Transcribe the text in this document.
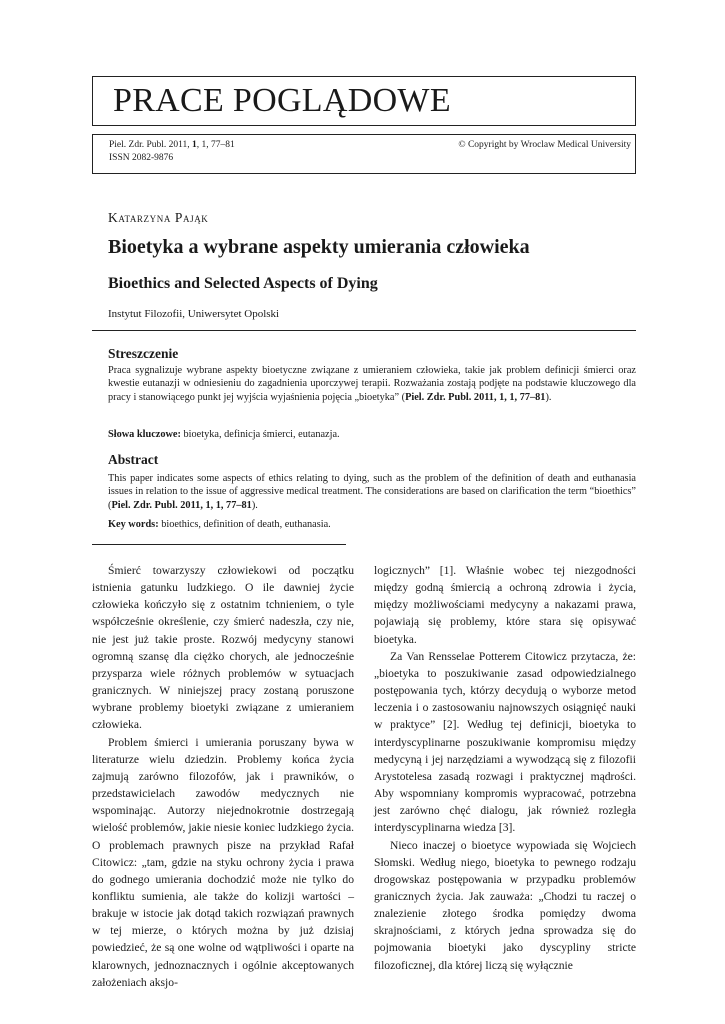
PRACE POGLĄDOWE
Piel. Zdr. Publ. 2011, 1, 1, 77–81
ISSN 2082-9876
© Copyright by Wroclaw Medical University
Katarzyna Pająk
Bioetyka a wybrane aspekty umierania człowieka
Bioethics and Selected Aspects of Dying
Instytut Filozofii, Uniwersytet Opolski
Streszczenie
Praca sygnalizuje wybrane aspekty bioetyczne związane z umieraniem człowieka, takie jak problem definicji śmierci oraz kwestie eutanazji w odniesieniu do zagadnienia uporczywej terapii. Rozważania zostają podjęte na podstawie kluczowego dla pracy i stanowiącego punkt jej wyjścia wyjaśnienia pojęcia „bioetyka” (Piel. Zdr. Publ. 2011, 1, 1, 77–81).
Słowa kluczowe: bioetyka, definicja śmierci, eutanazja.
Abstract
This paper indicates some aspects of ethics relating to dying, such as the problem of the definition of death and euthanasia issues in relation to the issue of aggressive medical treatment. The considerations are based on clarification the term “bioethics” (Piel. Zdr. Publ. 2011, 1, 1, 77–81).
Key words: bioethics, definition of death, euthanasia.

Śmierć towarzyszy człowiekowi od początku istnienia gatunku ludzkiego. O ile dawniej życie człowieka kończyło się z ostatnim tchnieniem, o tyle współcześnie określenie, czy śmierć nadeszła, czy nie, nie jest już takie proste. Rozwój medycyny stanowi ogromną szansę dla ciężko chorych, ale jednocześnie przysparza wiele różnych problemów w sytuacjach granicznych. W niniejszej pracy zostaną poruszone wybrane problemy bioetyki związane z umieraniem człowieka.

Problem śmierci i umierania poruszany bywa w literaturze wielu dziedzin. Problemy końca życia zajmują zarówno filozofów, jak i prawników, o przedstawicielach zawodów medycznych nie wspominając. Autorzy niejednokrotnie dostrzegają wielość problemów, jakie niesie koniec ludzkiego życia. O problemach prawnych pisze na przykład Rafał Citowicz: „tam, gdzie na styku ochrony życia i prawa do godnego umierania dochodzić może nie tylko do konfliktu sumienia, ale także do kolizji wartości – brakuje w istocie jak dotąd takich rozwiązań prawnych w tej mierze, o których można by już dzisiaj powiedzieć, że są one wolne od wątpliwości i oparte na klarownych, jednoznacznych i ogólnie akceptowanych założeniach aksjo-

logicznych” [1]. Właśnie wobec tej niezgodności między godną śmiercią a ochroną zdrowia i życia, między możliwościami medycyny a nakazami prawa, pojawiają się problemy, które stara się opisywać bioetyka.

Za Van Rensselae Potterem Citowicz przytacza, że: „bioetyka to poszukiwanie zasad odpowiedzialnego postępowania tych, którzy decydują o wyborze metod leczenia i o zastosowaniu najnowszych osiągnięć nauki w praktyce” [2]. Według tej definicji, bioetyka to interdyscyplinarne poszukiwanie kompromisu między medycyną i jej narzędziami a wywodzącą się z filozofii Arystotelesa zasadą rozwagi i praktycznej mądrości. Aby wspomniany kompromis wypracować, potrzebna jest zarówno chęć dialogu, jak również rozległa interdyscyplinarna wiedza [3].

Nieco inaczej o bioetyce wypowiada się Wojciech Słomski. Według niego, bioetyka to pewnego rodzaju drogowskaz postępowania w przypadku problemów granicznych życia. Jak zauważa: „Chodzi tu raczej o znalezienie złotego środka pomiędzy dwoma skrajnościami, z których jedna sprowadza się do pojmowania bioetyki jako dyscypliny stricte filozoficznej, dla której liczą się wyłącznie
